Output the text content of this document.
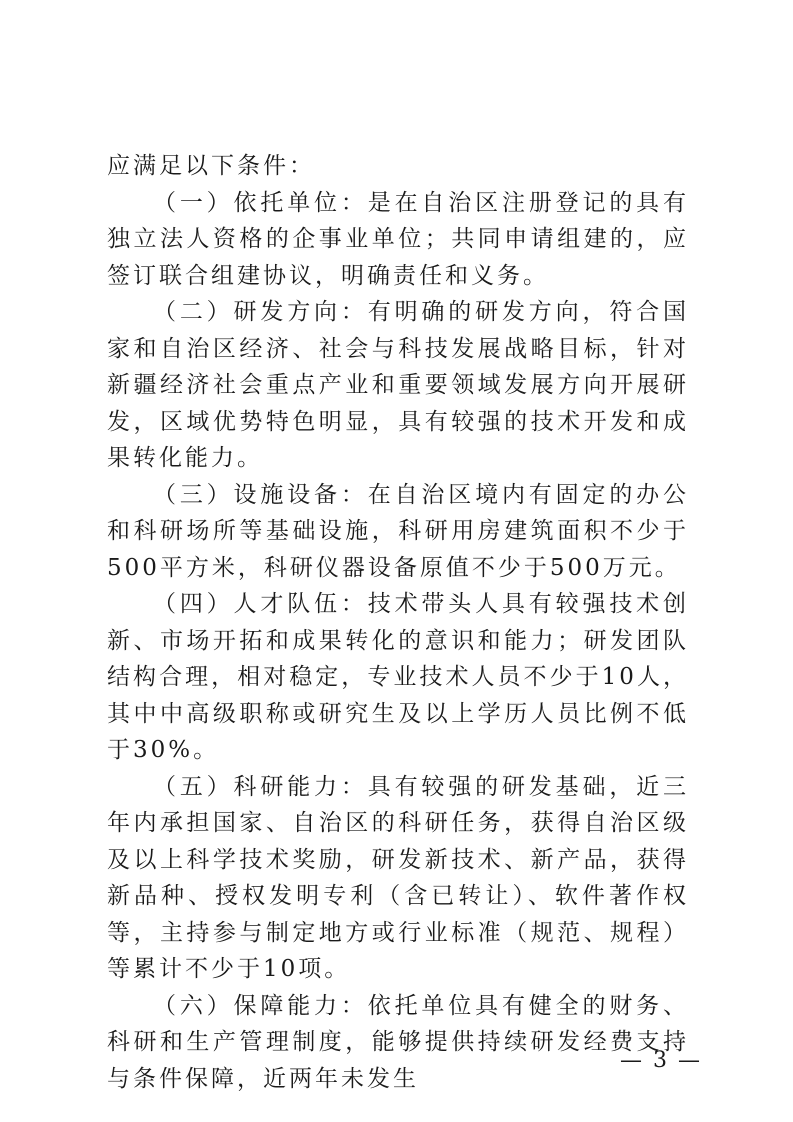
应满足以下条件：

（一）依托单位：是在自治区注册登记的具有独立法人资格的企事业单位；共同申请组建的，应签订联合组建协议，明确责任和义务。

（二）研发方向：有明确的研发方向，符合国家和自治区经济、社会与科技发展战略目标，针对新疆经济社会重点产业和重要领域发展方向开展研发，区域优势特色明显，具有较强的技术开发和成果转化能力。

（三）设施设备：在自治区境内有固定的办公和科研场所等基础设施，科研用房建筑面积不少于500平方米，科研仪器设备原值不少于500万元。

（四）人才队伍：技术带头人具有较强技术创新、市场开拓和成果转化的意识和能力；研发团队结构合理，相对稳定，专业技术人员不少于10人，其中中高级职称或研究生及以上学历人员比例不低于30%。

（五）科研能力：具有较强的研发基础，近三年内承担国家、自治区的科研任务，获得自治区级及以上科学技术奖励，研发新技术、新产品，获得新品种、授权发明专利（含已转让）、软件著作权等，主持参与制定地方或行业标准（规范、规程）等累计不少于10项。

（六）保障能力：依托单位具有健全的财务、科研和生产管理制度，能够提供持续研发经费支持与条件保障，近两年未发生

— 3 —
